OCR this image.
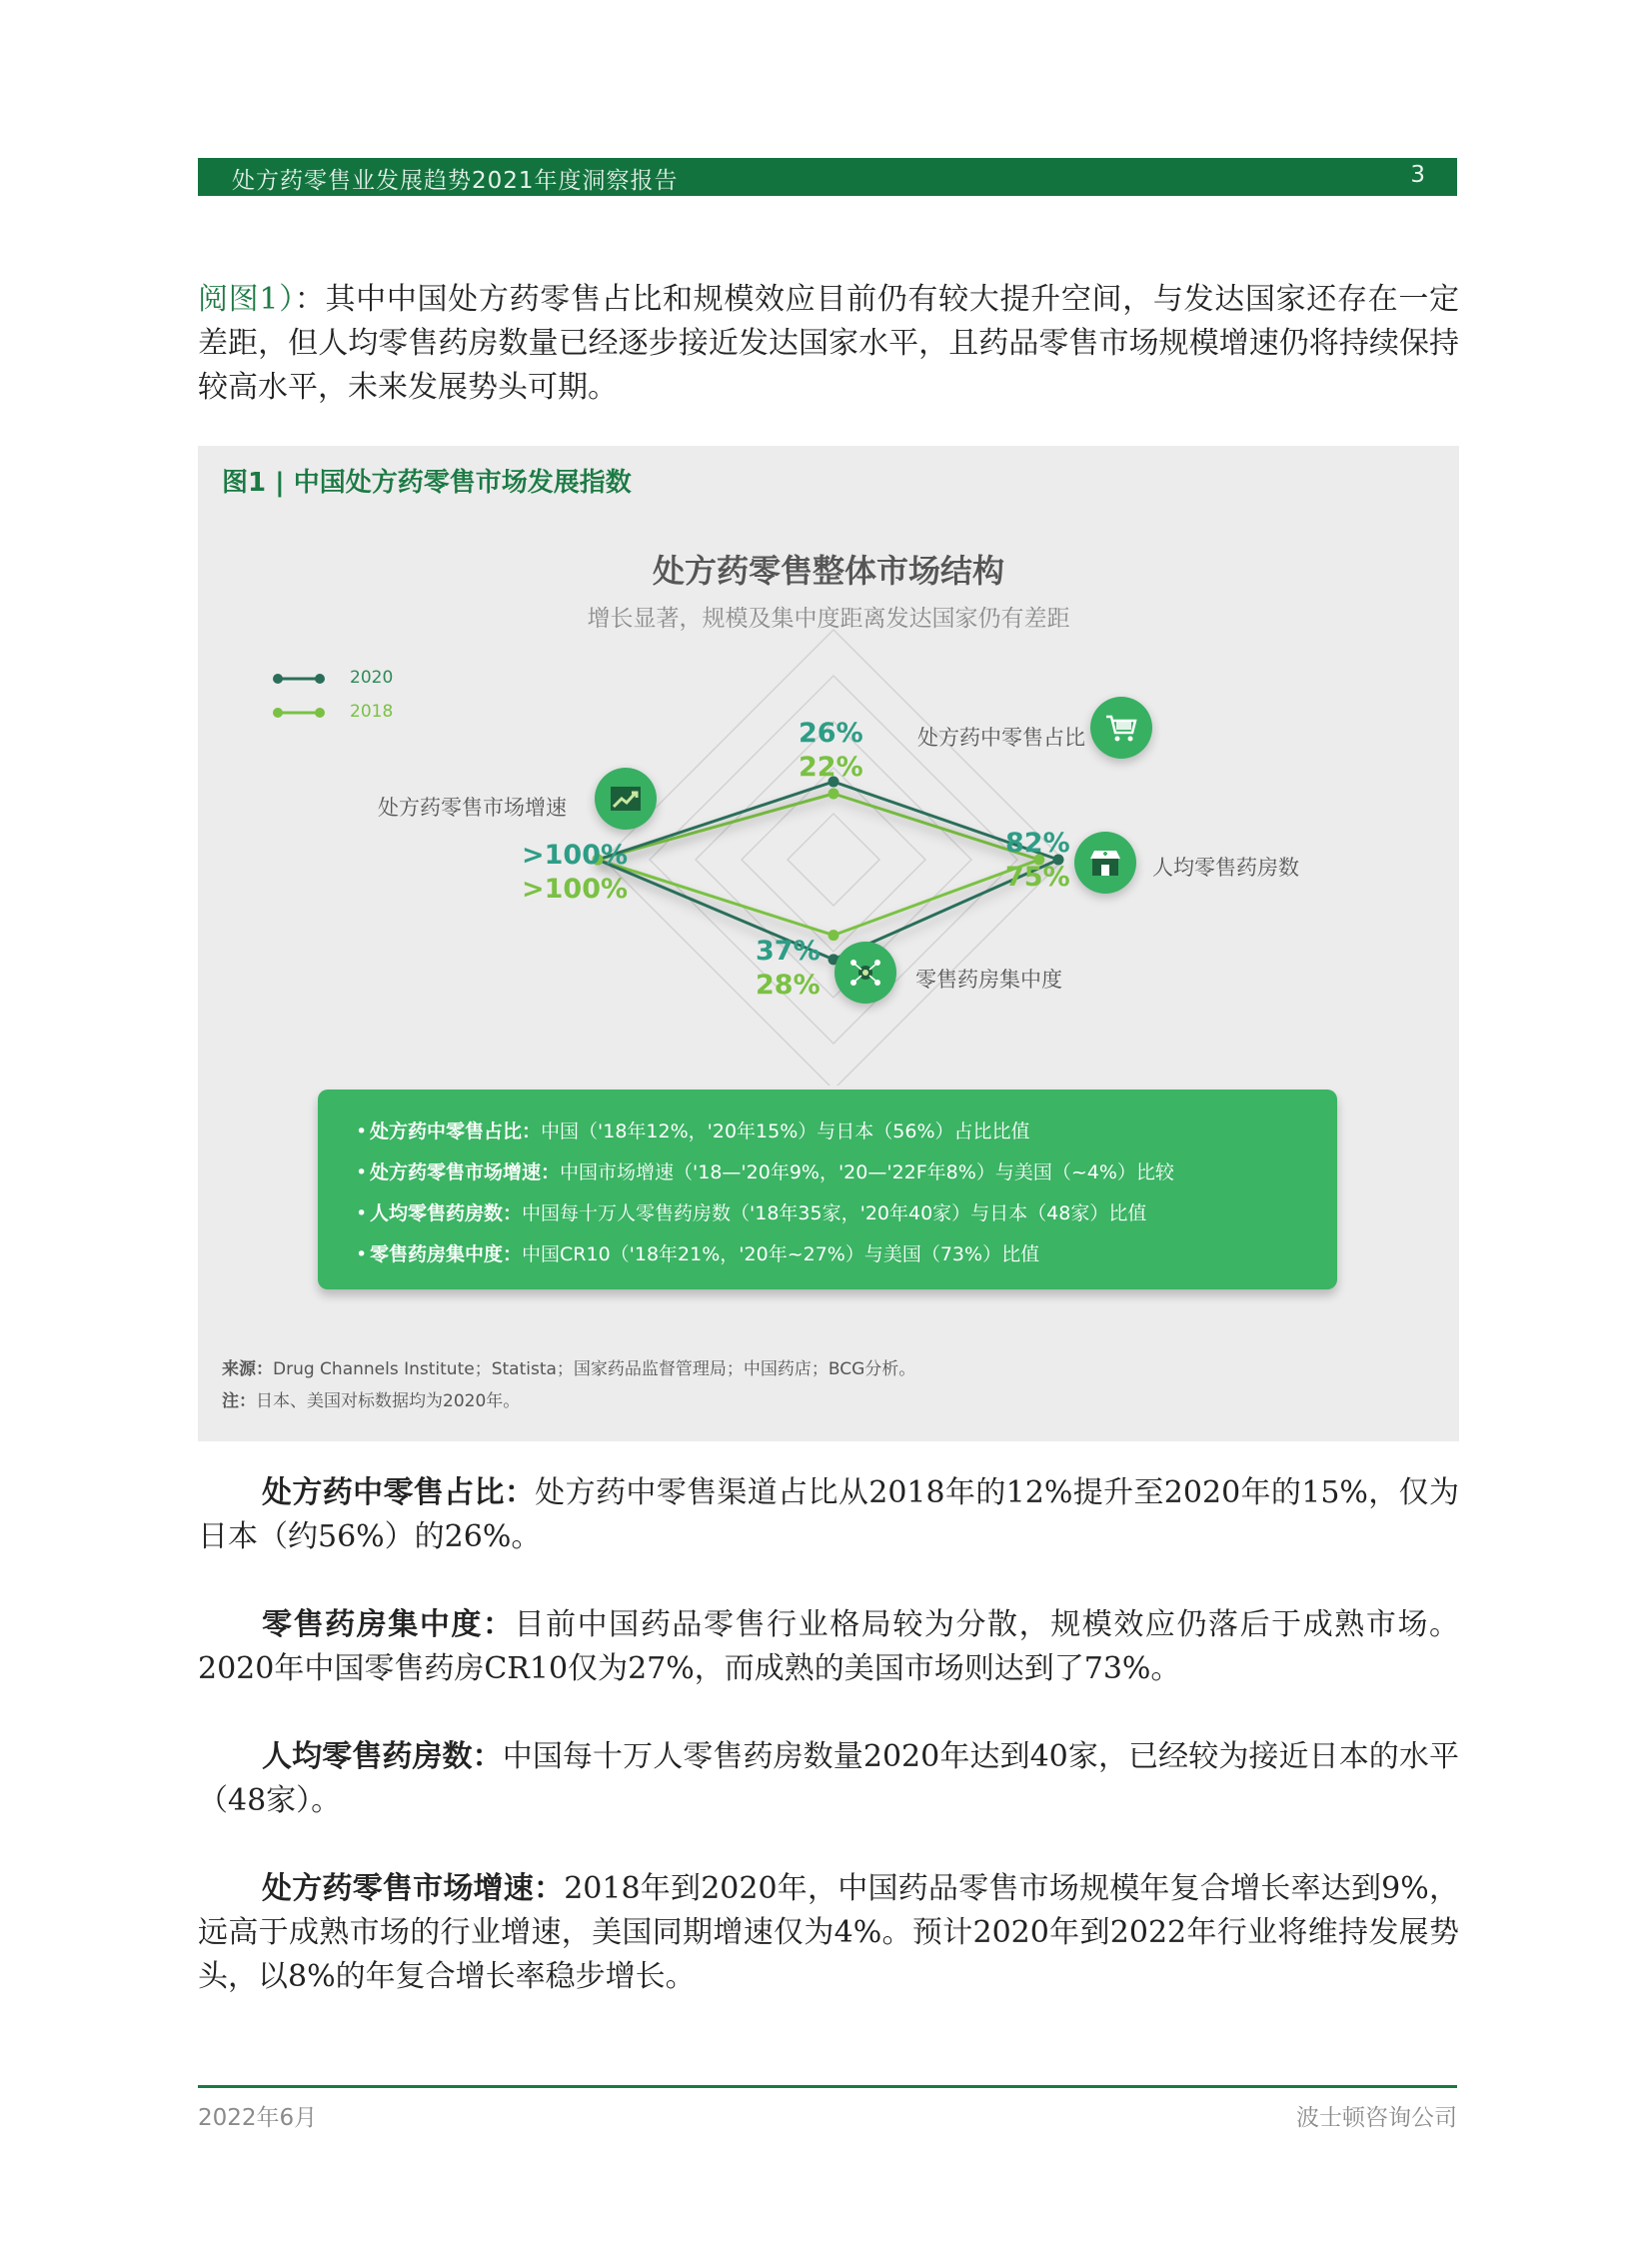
处方药零售业发展趋势2021年度洞察报告	3
阅图1）：其中中国处方药零售占比和规模效应目前仍有较大提升空间，与发达国家还存在一定差距，但人均零售药房数量已经逐步接近发达国家水平，且药品零售市场规模增速仍将持续保持较高水平，未来发展势头可期。
图1 | 中国处方药零售市场发展指数
处方药零售整体市场结构
增长显著，规模及集中度距离发达国家仍有差距
2020
2018
26%
22%
处方药中零售占比
82%
75%	人均零售药房数
37%
28%	零售药房集中度
处方药零售市场增速
>100%
>100%
• 处方药中零售占比：中国（'18年12%，'20年15%）与日本（56%）占比比值
• 处方药零售市场增速：中国市场增速（'18—'20年9%，'20—'22F年8%）与美国（~4%）比较
• 人均零售药房数：中国每十万人零售药房数（'18年35家，'20年40家）与日本（48家）比值
• 零售药房集中度：中国CR10（'18年21%，'20年~27%）与美国（73%）比值
来源：Drug Channels Institute；Statista；国家药品监督管理局；中国药店；BCG分析。
注：日本、美国对标数据均为2020年。
处方药中零售占比：处方药中零售渠道占比从2018年的12%提升至2020年的15%，仅为日本（约56%）的26%。
零售药房集中度：目前中国药品零售行业格局较为分散，规模效应仍落后于成熟市场。2020年中国零售药房CR10仅为27%，而成熟的美国市场则达到了73%。
人均零售药房数：中国每十万人零售药房数量2020年达到40家，已经较为接近日本的水平（48家）。
处方药零售市场增速：2018年到2020年，中国药品零售市场规模年复合增长率达到9%，远高于成熟市场的行业增速，美国同期增速仅为4%。预计2020年到2022年行业将维持发展势头，以8%的年复合增长率稳步增长。
2022年6月	波士顿咨询公司
